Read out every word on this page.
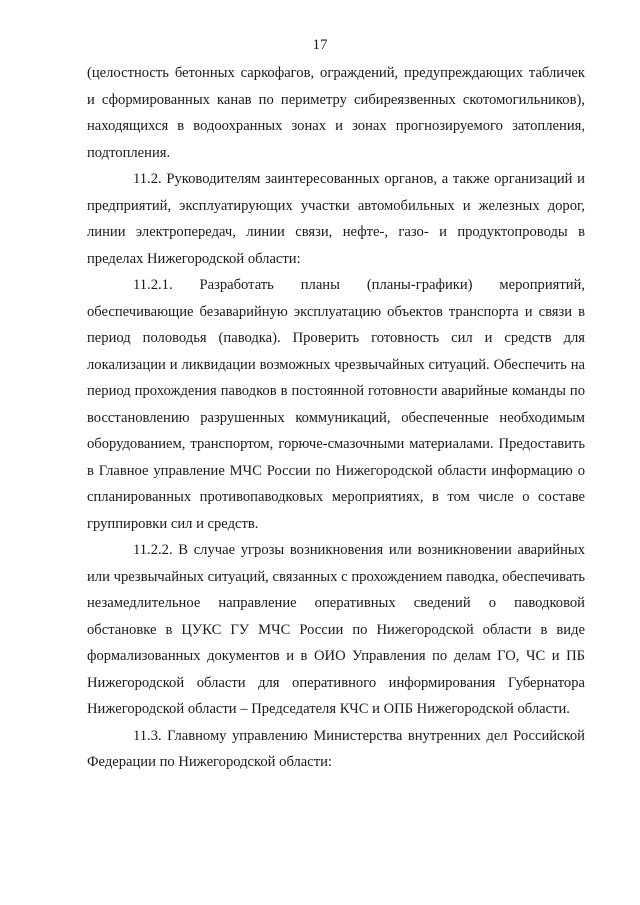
17

(целостность бетонных саркофагов, ограждений, предупреждающих табличек и сформированных канав по периметру сибиреязвенных скотомогильников), находящихся в водоохранных зонах и зонах прогнозируемого затопления, подтопления.

11.2. Руководителям заинтересованных органов, а также организаций и предприятий, эксплуатирующих участки автомобильных и железных дорог, линии электропередач, линии связи, нефте-, газо- и продуктопроводы в пределах Нижегородской области:

11.2.1. Разработать планы (планы-графики) мероприятий, обеспечивающие безаварийную эксплуатацию объектов транспорта и связи в период половодья (паводка). Проверить готовность сил и средств для локализации и ликвидации возможных чрезвычайных ситуаций. Обеспечить на период прохождения паводков в постоянной готовности аварийные команды по восстановлению разрушенных коммуникаций, обеспеченные необходимым оборудованием, транспортом, горюче-смазочными материалами. Предоставить в Главное управление МЧС России по Нижегородской области информацию о спланированных противопаводковых мероприятиях, в том числе о составе группировки сил и средств.

11.2.2. В случае угрозы возникновения или возникновении аварийных или чрезвычайных ситуаций, связанных с прохождением паводка, обеспечивать незамедлительное направление оперативных сведений о паводковой обстановке в ЦУКС ГУ МЧС России по Нижегородской области в виде формализованных документов и в ОИО Управления по делам ГО, ЧС и ПБ Нижегородской области для оперативного информирования Губернатора Нижегородской области – Председателя КЧС и ОПБ Нижегородской области.

11.3. Главному управлению Министерства внутренних дел Российской Федерации по Нижегородской области:
